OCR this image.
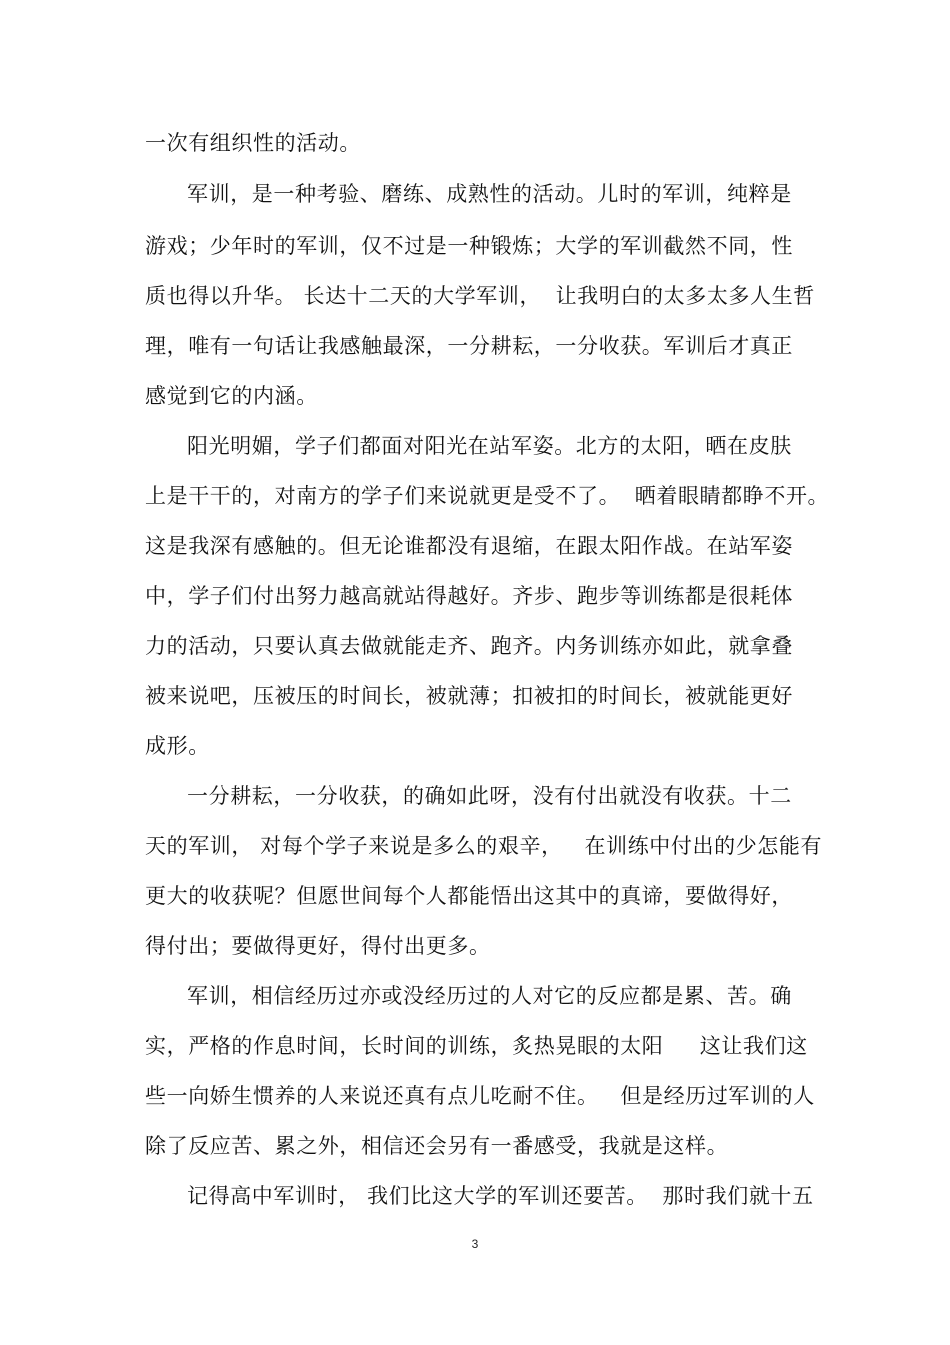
一次有组织性的活动。
军训，是一种考验、磨练、成熟性的活动。儿时的军训，纯粹是
游戏；少年时的军训，仅不过是一种锻炼；大学的军训截然不同，性
质也得以升华。 长达十二天的大学军训，  让我明白的太多太多人生哲
理，唯有一句话让我感触最深，一分耕耘，一分收获。军训后才真正
感觉到它的内涵。
阳光明媚，学子们都面对阳光在站军姿。北方的太阳，晒在皮肤
上是干干的，对南方的学子们来说就更是受不了。  晒着眼睛都睁不开。
这是我深有感触的。但无论谁都没有退缩，在跟太阳作战。在站军姿
中，学子们付出努力越高就站得越好。齐步、跑步等训练都是很耗体
力的活动，只要认真去做就能走齐、跑齐。内务训练亦如此，就拿叠
被来说吧，压被压的时间长，被就薄；扣被扣的时间长，被就能更好
成形。
一分耕耘，一分收获，的确如此呀，没有付出就没有收获。十二
天的军训， 对每个学子来说是多么的艰辛，   在训练中付出的少怎能有
更大的收获呢？但愿世间每个人都能悟出这其中的真谛，要做得好，
得付出；要做得更好，得付出更多。
军训，相信经历过亦或没经历过的人对它的反应都是累、苦。确
实，严格的作息时间，长时间的训练，炙热晃眼的太阳     这让我们这
些一向娇生惯养的人来说还真有点儿吃耐不住。   但是经历过军训的人
除了反应苦、累之外，相信还会另有一番感受，我就是这样。
记得高中军训时， 我们比这大学的军训还要苦。  那时我们就十五
3
